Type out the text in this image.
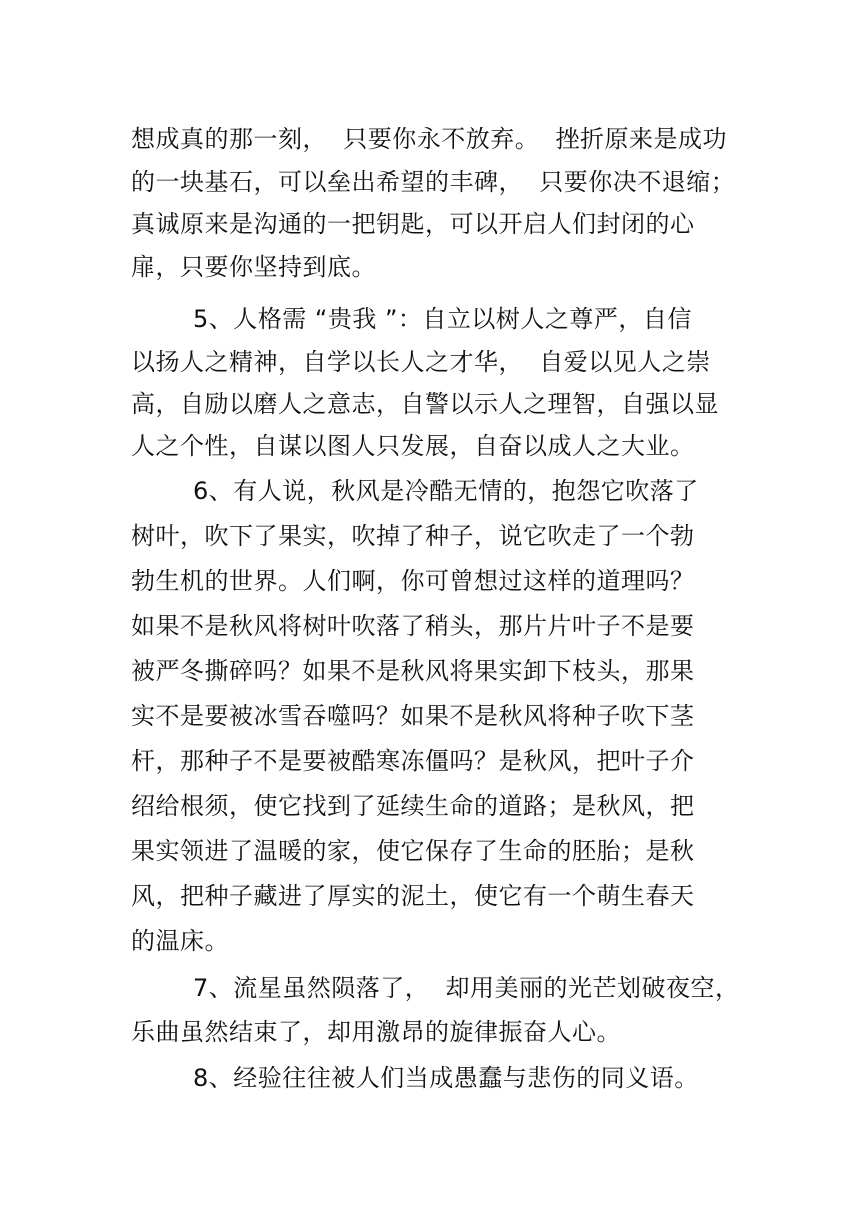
想成真的那一刻，  只要你永不放弃。  挫折原来是成功
的一块基石，可以垒出希望的丰碑，  只要你决不退缩；
真诚原来是沟通的一把钥匙，可以开启人们封闭的心
扉，只要你坚持到底。
5、人格需 “贵我 ”：自立以树人之尊严，自信
以扬人之精神，自学以长人之才华，  自爱以见人之崇
高，自励以磨人之意志，自警以示人之理智，自强以显
人之个性，自谋以图人只发展，自奋以成人之大业。
6、有人说，秋风是冷酷无情的，抱怨它吹落了
树叶，吹下了果实，吹掉了种子，说它吹走了一个勃
勃生机的世界。人们啊，你可曾想过这样的道理吗？
如果不是秋风将树叶吹落了稍头，那片片叶子不是要
被严冬撕碎吗？如果不是秋风将果实卸下枝头，那果
实不是要被冰雪吞噬吗？如果不是秋风将种子吹下茎
杆，那种子不是要被酷寒冻僵吗？是秋风，把叶子介
绍给根须，使它找到了延续生命的道路；是秋风，把
果实领进了温暖的家，使它保存了生命的胚胎；是秋
风，把种子藏进了厚实的泥土，使它有一个萌生春天
的温床。
7、流星虽然陨落了，  却用美丽的光芒划破夜空，
乐曲虽然结束了，却用激昂的旋律振奋人心。
8、经验往往被人们当成愚蠢与悲伤的同义语。
